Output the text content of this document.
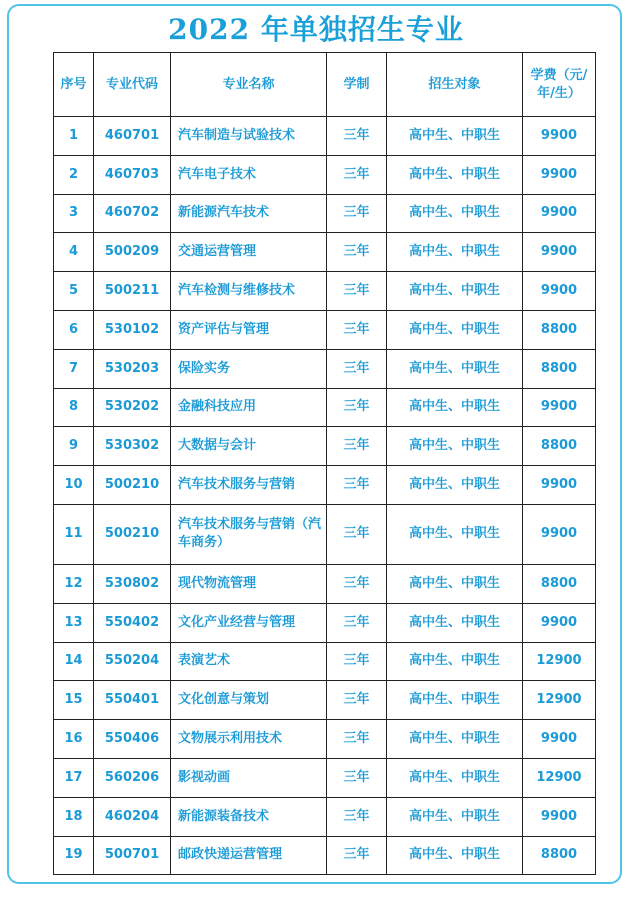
2022 年单独招生专业
序号	专业代码	专业名称	学制	招生对象	学费（元/年/生）
1	460701	汽车制造与试验技术	三年	高中生、中职生	9900
2	460703	汽车电子技术	三年	高中生、中职生	9900
3	460702	新能源汽车技术	三年	高中生、中职生	9900
4	500209	交通运营管理	三年	高中生、中职生	9900
5	500211	汽车检测与维修技术	三年	高中生、中职生	9900
6	530102	资产评估与管理	三年	高中生、中职生	8800
7	530203	保险实务	三年	高中生、中职生	8800
8	530202	金融科技应用	三年	高中生、中职生	9900
9	530302	大数据与会计	三年	高中生、中职生	8800
10	500210	汽车技术服务与营销	三年	高中生、中职生	9900
11	500210	汽车技术服务与营销（汽车商务）	三年	高中生、中职生	9900
12	530802	现代物流管理	三年	高中生、中职生	8800
13	550402	文化产业经营与管理	三年	高中生、中职生	9900
14	550204	表演艺术	三年	高中生、中职生	12900
15	550401	文化创意与策划	三年	高中生、中职生	12900
16	550406	文物展示利用技术	三年	高中生、中职生	9900
17	560206	影视动画	三年	高中生、中职生	12900
18	460204	新能源装备技术	三年	高中生、中职生	9900
19	500701	邮政快递运营管理	三年	高中生、中职生	8800
